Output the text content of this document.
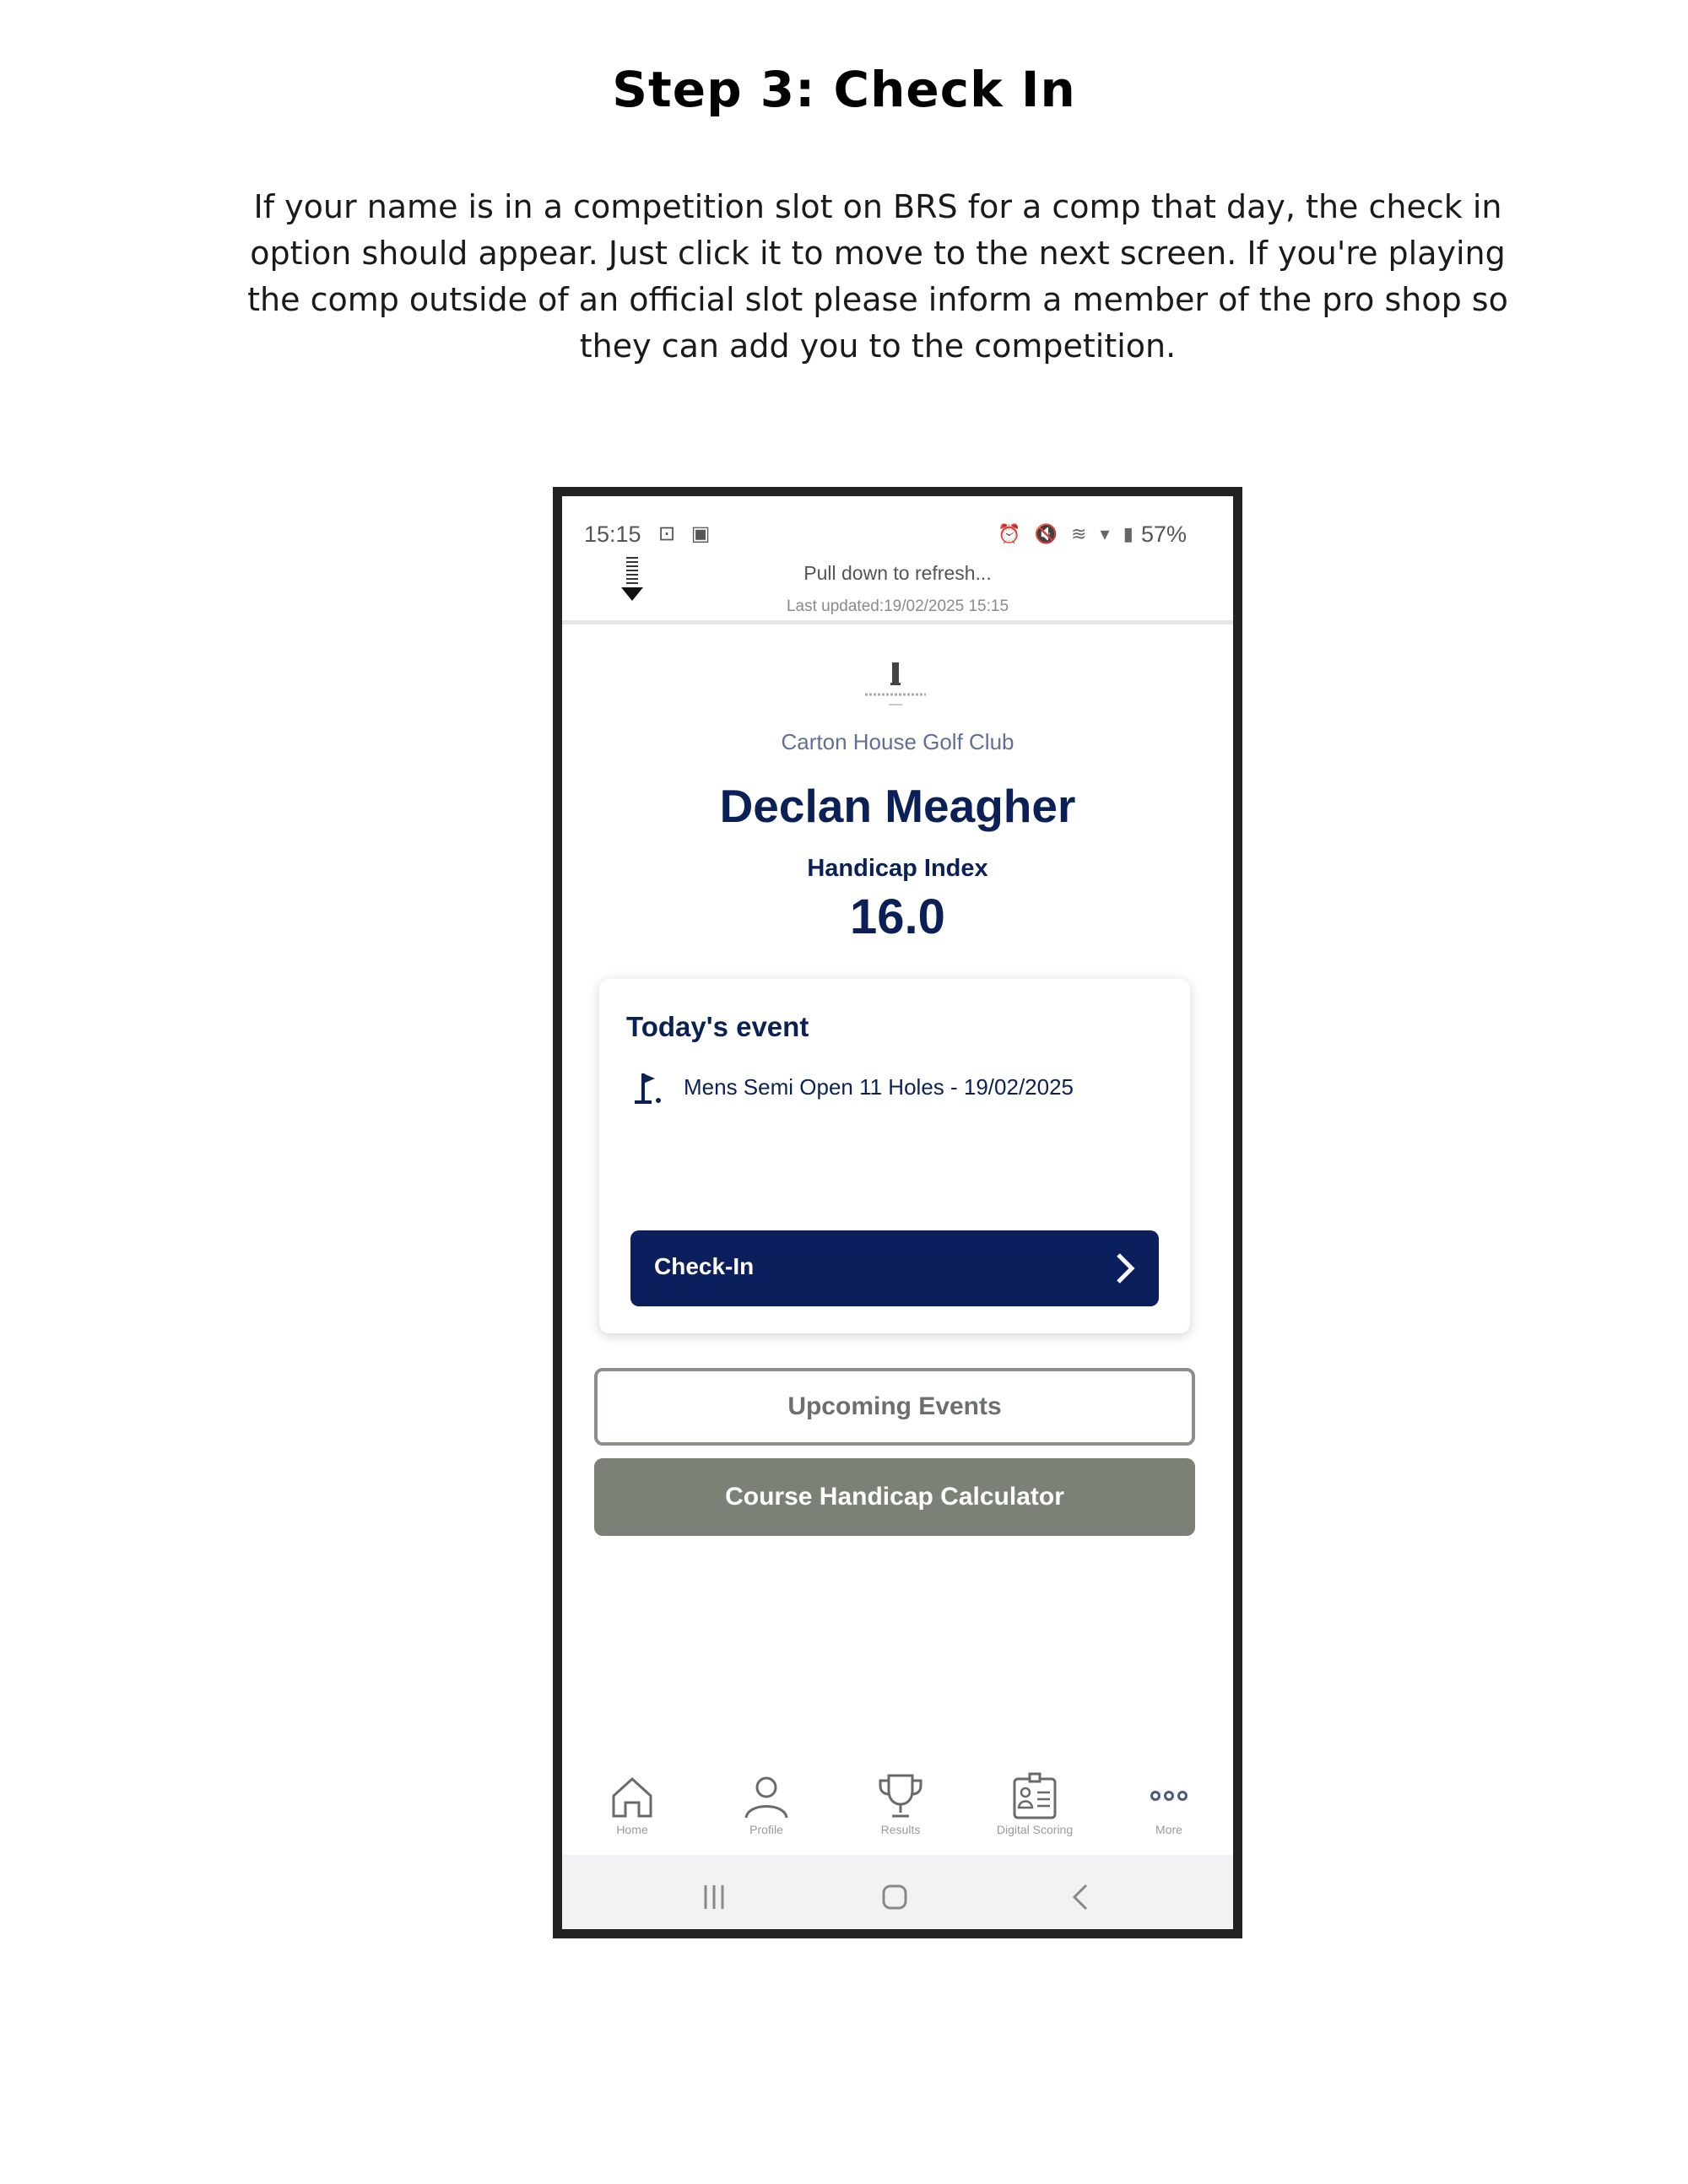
Step 3: Check In
If your name is in a competition slot on BRS for a comp that day, the check in option should appear. Just click it to move to the next screen. If you're playing the comp outside of an official slot please inform a member of the pro shop so they can add you to the competition.
15:15 ⊡ ▣	⏰ 🔇 ≋ ▾ ▮ 57%
Pull down to refresh...
Last updated:19/02/2025 15:15
Carton House Golf Club
Declan Meagher
Handicap Index
16.0
Today's event
Mens Semi Open 11 Holes - 19/02/2025
Check-In
Upcoming Events
Course Handicap Calculator
Home	Profile	Results	Digital Scoring	More
